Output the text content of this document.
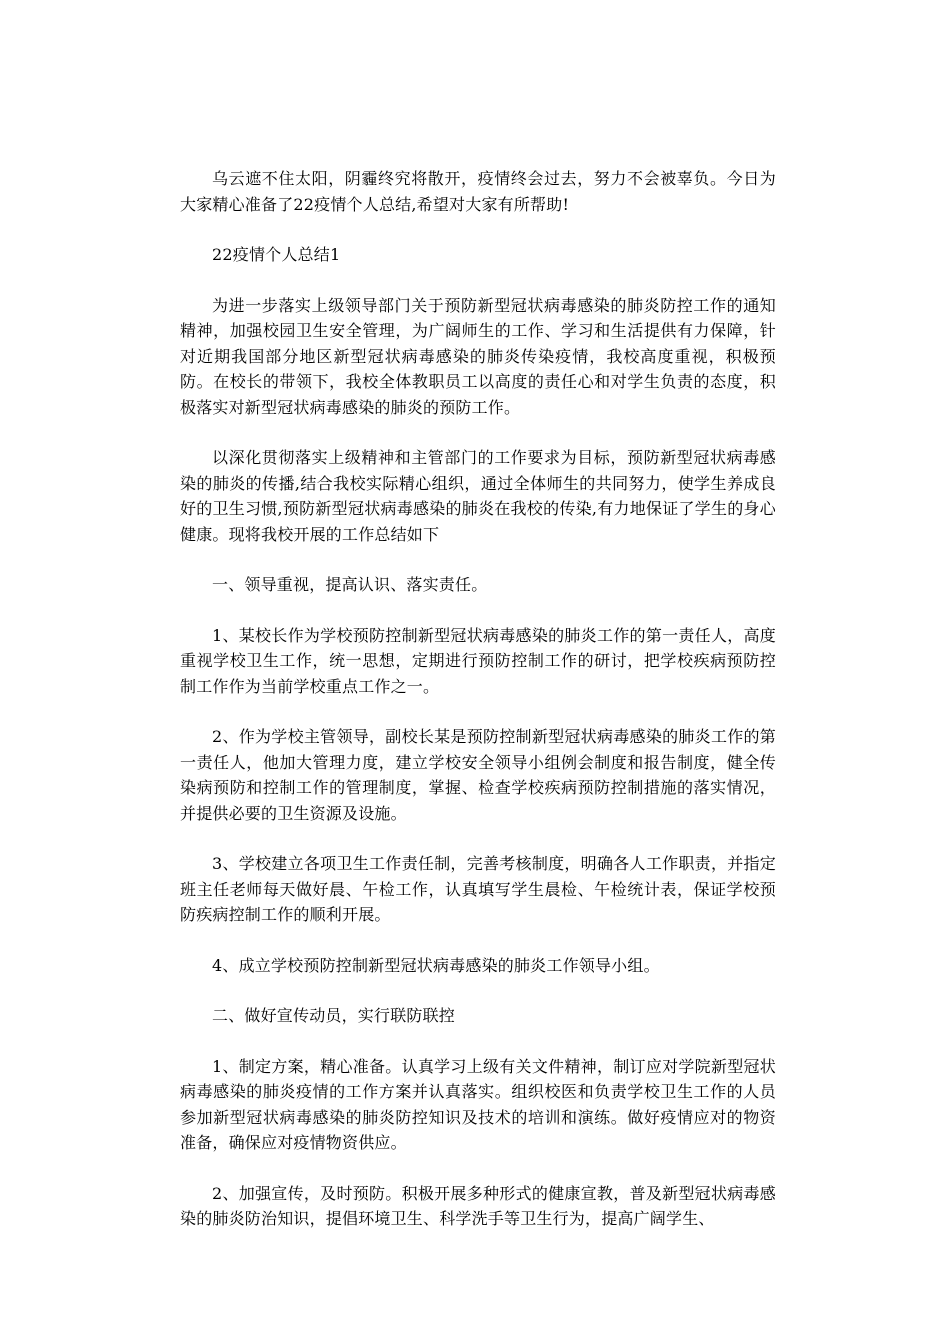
乌云遮不住太阳，阴霾终究将散开，疫情终会过去，努力不会被辜负。今日为大家精心准备了22疫情个人总结,希望对大家有所帮助!

22疫情个人总结1

为进一步落实上级领导部门关于预防新型冠状病毒感染的肺炎防控工作的通知精神，加强校园卫生安全管理，为广阔师生的工作、学习和生活提供有力保障，针对近期我国部分地区新型冠状病毒感染的肺炎传染疫情，我校高度重视，积极预防。在校长的带领下，我校全体教职员工以高度的责任心和对学生负责的态度，积极落实对新型冠状病毒感染的肺炎的预防工作。

以深化贯彻落实上级精神和主管部门的工作要求为目标，预防新型冠状病毒感染的肺炎的传播,结合我校实际精心组织，通过全体师生的共同努力，使学生养成良好的卫生习惯,预防新型冠状病毒感染的肺炎在我校的传染,有力地保证了学生的身心健康。现将我校开展的工作总结如下

一、领导重视，提高认识、落实责任。

1、某校长作为学校预防控制新型冠状病毒感染的肺炎工作的第一责任人，高度重视学校卫生工作，统一思想，定期进行预防控制工作的研讨，把学校疾病预防控制工作作为当前学校重点工作之一。

2、作为学校主管领导，副校长某是预防控制新型冠状病毒感染的肺炎工作的第一责任人，他加大管理力度，建立学校安全领导小组例会制度和报告制度，健全传染病预防和控制工作的管理制度，掌握、检查学校疾病预防控制措施的落实情况，并提供必要的卫生资源及设施。

3、学校建立各项卫生工作责任制，完善考核制度，明确各人工作职责，并指定班主任老师每天做好晨、午检工作，认真填写学生晨检、午检统计表，保证学校预防疾病控制工作的顺利开展。

4、成立学校预防控制新型冠状病毒感染的肺炎工作领导小组。

二、做好宣传动员，实行联防联控

1、制定方案，精心准备。认真学习上级有关文件精神，制订应对学院新型冠状病毒感染的肺炎疫情的工作方案并认真落实。组织校医和负责学校卫生工作的人员参加新型冠状病毒感染的肺炎防控知识及技术的培训和演练。做好疫情应对的物资准备，确保应对疫情物资供应。

2、加强宣传，及时预防。积极开展多种形式的健康宣教，普及新型冠状病毒感染的肺炎防治知识，提倡环境卫生、科学洗手等卫生行为，提高广阔学生、
